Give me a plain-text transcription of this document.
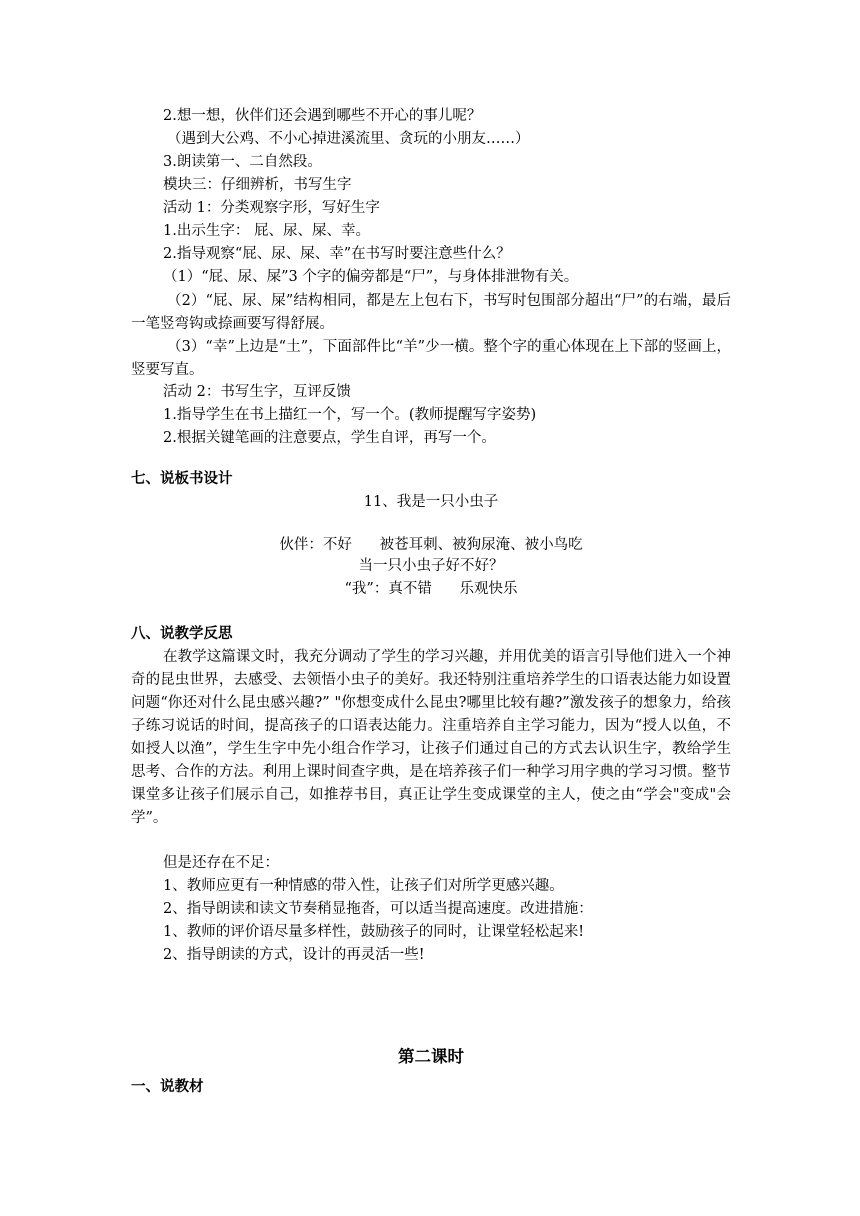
2.想一想，伙伴们还会遇到哪些不开心的事儿呢？
（遇到大公鸡、不小心掉进溪流里、贪玩的小朋友……）
3.朗读第一、二自然段。
模块三：仔细辨析，书写生字
活动 1：分类观察字形，写好生字
1.出示生字： 屁、尿、屎、幸。
2.指导观察“屁、尿、屎、幸”在书写时要注意些什么？
（1）“屁、尿、屎”3 个字的偏旁都是“尸”，与身体排泄物有关。
（2）“屁、尿、屎”结构相同，都是左上包右下，书写时包围部分超出“尸”的右端，最后一笔竖弯钩或捺画要写得舒展。
（3）“幸”上边是“土”，下面部件比“羊”少一横。整个字的重心体现在上下部的竖画上，竖要写直。
活动 2：书写生字，互评反馈
1.指导学生在书上描红一个，写一个。(教师提醒写字姿势)
2.根据关键笔画的注意要点，学生自评，再写一个。
七、说板书设计
11、我是一只小虫子
伙伴：不好      被苍耳刺、被狗尿淹、被小鸟吃
当一只小虫子好不好？
“我”：真不错      乐观快乐
八、说教学反思
在教学这篇课文时，我充分调动了学生的学习兴趣，并用优美的语言引导他们进入一个神奇的昆虫世界，去感受、去领悟小虫子的美好。我还特别注重培养学生的口语表达能力如设置问题“你还对什么昆虫感兴趣?” "你想变成什么昆虫?哪里比较有趣?”激发孩子的想象力，给孩子练习说话的时间，提高孩子的口语表达能力。注重培养自主学习能力，因为“授人以鱼，不如授人以渔”，学生生字中先小组合作学习，让孩子们通过自己的方式去认识生字，教给学生思考、合作的方法。利用上课时间查字典，是在培养孩子们一种学习用字典的学习习惯。整节课堂多让孩子们展示自己，如推荐书目，真正让学生变成课堂的主人，使之由“学会"变成"会学”。
但是还存在不足：
1、教师应更有一种情感的带入性，让孩子们对所学更感兴趣。
2、指导朗读和读文节奏稍显拖沓，可以适当提高速度。改进措施：
1、教师的评价语尽量多样性，鼓励孩子的同时，让课堂轻松起来!
2、指导朗读的方式，设计的再灵活一些!
第二课时
一、说教材
